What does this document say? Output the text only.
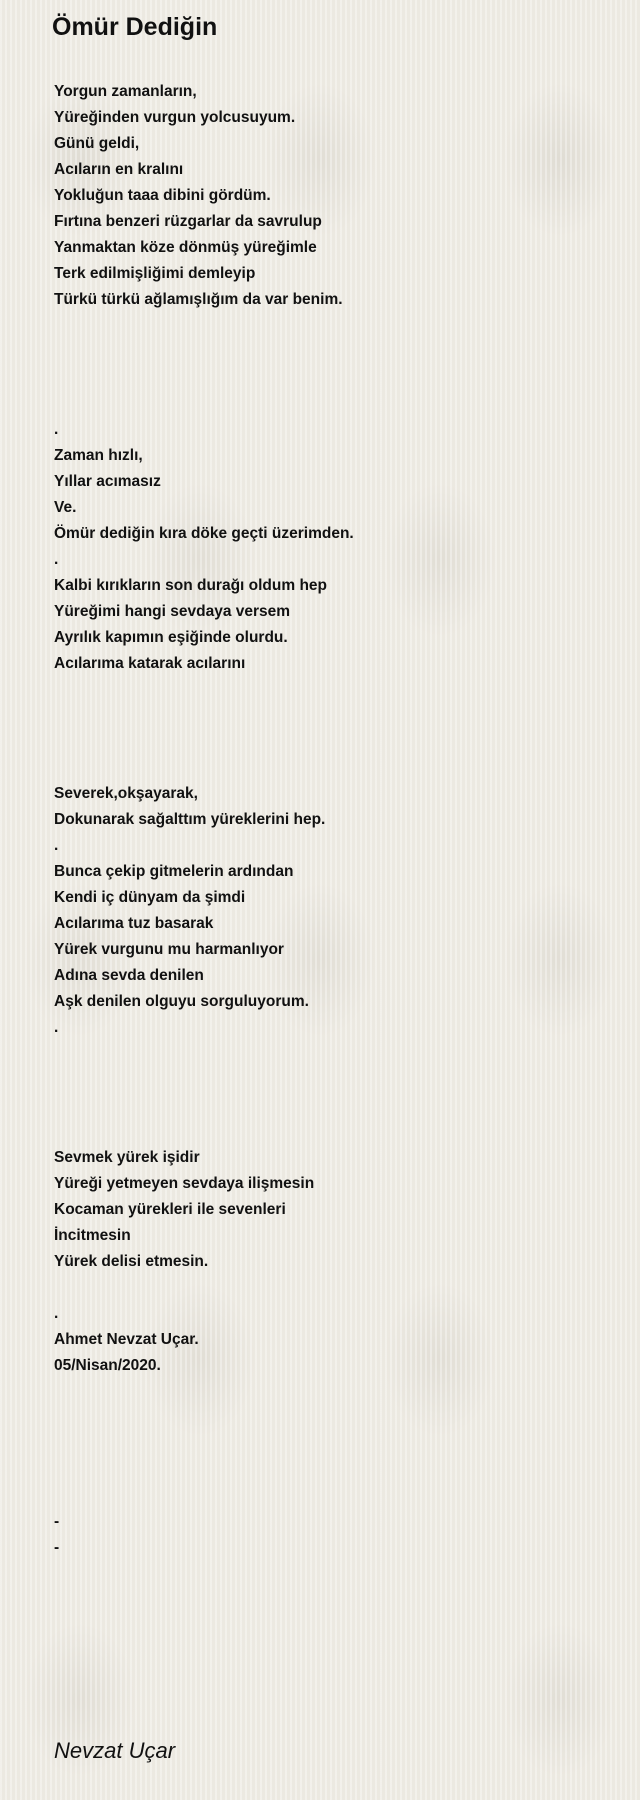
Ömür Dediğin
Yorgun zamanların,
Yüreğinden vurgun yolcusuyum.
Günü geldi,
Acıların en kralını
Yokluğun taaa dibini gördüm.
Fırtına benzeri rüzgarlar da savrulup
Yanmaktan köze dönmüş yüreğimle
Terk edilmişliğimi demleyip
Türkü türkü ağlamışlığım da var benim.
.
Zaman hızlı,
Yıllar acımasız
Ve.
Ömür dediğin kıra döke geçti üzerimden.
.
Kalbi kırıkların son durağı oldum hep
Yüreğimi hangi sevdaya versem
Ayrılık kapımın eşiğinde olurdu.
Acılarıma katarak acılarını
Severek,okşayarak,
Dokunarak sağalttım yüreklerini hep.
.
Bunca çekip gitmelerin ardından
Kendi iç dünyam da şimdi
Acılarıma tuz basarak
Yürek vurgunu mu harmanlıyor
Adına sevda denilen
Aşk denilen olguyu sorguluyorum.
.
Sevmek yürek işidir
Yüreği yetmeyen sevdaya ilişmesin
Kocaman yürekleri ile sevenleri
İncitmesin
Yürek delisi etmesin.
.
Ahmet Nevzat Uçar.
05/Nisan/2020.
-
-
Nevzat Uçar
